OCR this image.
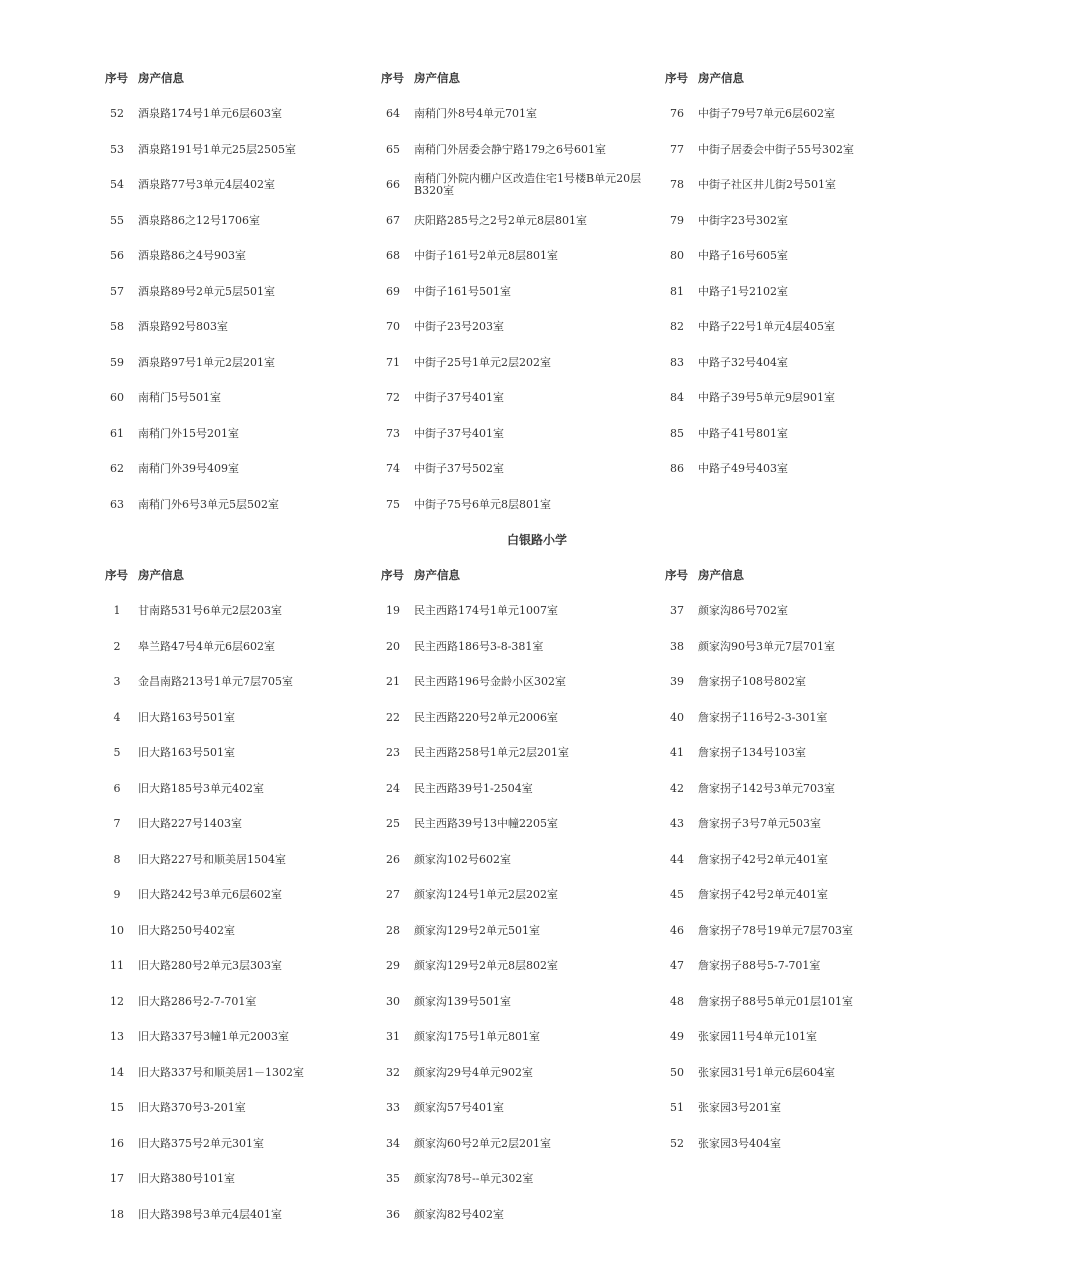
序号 房产信息
52	酒泉路174号1单元6层603室
53	酒泉路191号1单元25层2505室
54	酒泉路77号3单元4层402室
55	酒泉路86之12号1706室
56	酒泉路86之4号903室
57	酒泉路89号2单元5层501室
58	酒泉路92号803室
59	酒泉路97号1单元2层201室
60	南稍门5号501室
61	南稍门外15号201室
62	南稍门外39号409室
63	南稍门外6号3单元5层502室
序号 房产信息
64	南稍门外8号4单元701室
65	南稍门外居委会静宁路179之6号601室
66	南稍门外院内棚户区改造住宅1号楼B单元20层B320室
67	庆阳路285号之2号2单元8层801室
68	中街子161号2单元8层801室
69	中街子161号501室
70	中街子23号203室
71	中街子25号1单元2层202室
72	中街子37号401室
73	中街子37号401室
74	中街子37号502室
75	中街子75号6单元8层801室
序号 房产信息
76	中街子79号7单元6层602室
77	中街子居委会中街子55号302室
78	中街子社区井儿街2号501室
79	中街字23号302室
80	中路子16号605室
81	中路子1号2102室
82	中路子22号1单元4层405室
83	中路子32号404室
84	中路子39号5单元9层901室
85	中路子41号801室
86	中路子49号403室
白银路小学
序号 房产信息
1	甘南路531号6单元2层203室
2	皋兰路47号4单元6层602室
3	金昌南路213号1单元7层705室
4	旧大路163号501室
5	旧大路163号501室
6	旧大路185号3单元402室
7	旧大路227号1403室
8	旧大路227号和顺美居1504室
9	旧大路242号3单元6层602室
10	旧大路250号402室
11	旧大路280号2单元3层303室
12	旧大路286号2-7-701室
13	旧大路337号3幢1单元2003室
14	旧大路337号和顺美居1－1302室
15	旧大路370号3-201室
16	旧大路375号2单元301室
17	旧大路380号101室
18	旧大路398号3单元4层401室
序号 房产信息
19	民主西路174号1单元1007室
20	民主西路186号3-8-381室
21	民主西路196号金龄小区302室
22	民主西路220号2单元2006室
23	民主西路258号1单元2层201室
24	民主西路39号1-2504室
25	民主西路39号13中幢2205室
26	颜家沟102号602室
27	颜家沟124号1单元2层202室
28	颜家沟129号2单元501室
29	颜家沟129号2单元8层802室
30	颜家沟139号501室
31	颜家沟175号1单元801室
32	颜家沟29号4单元902室
33	颜家沟57号401室
34	颜家沟60号2单元2层201室
35	颜家沟78号--单元302室
36	颜家沟82号402室
序号 房产信息
37	颜家沟86号702室
38	颜家沟90号3单元7层701室
39	詹家拐子108号802室
40	詹家拐子116号2-3-301室
41	詹家拐子134号103室
42	詹家拐子142号3单元703室
43	詹家拐子3号7单元503室
44	詹家拐子42号2单元401室
45	詹家拐子42号2单元401室
46	詹家拐子78号19单元7层703室
47	詹家拐子88号5-7-701室
48	詹家拐子88号5单元01层101室
49	张家园11号4单元101室
50	张家园31号1单元6层604室
51	张家园3号201室
52	张家园3号404室
